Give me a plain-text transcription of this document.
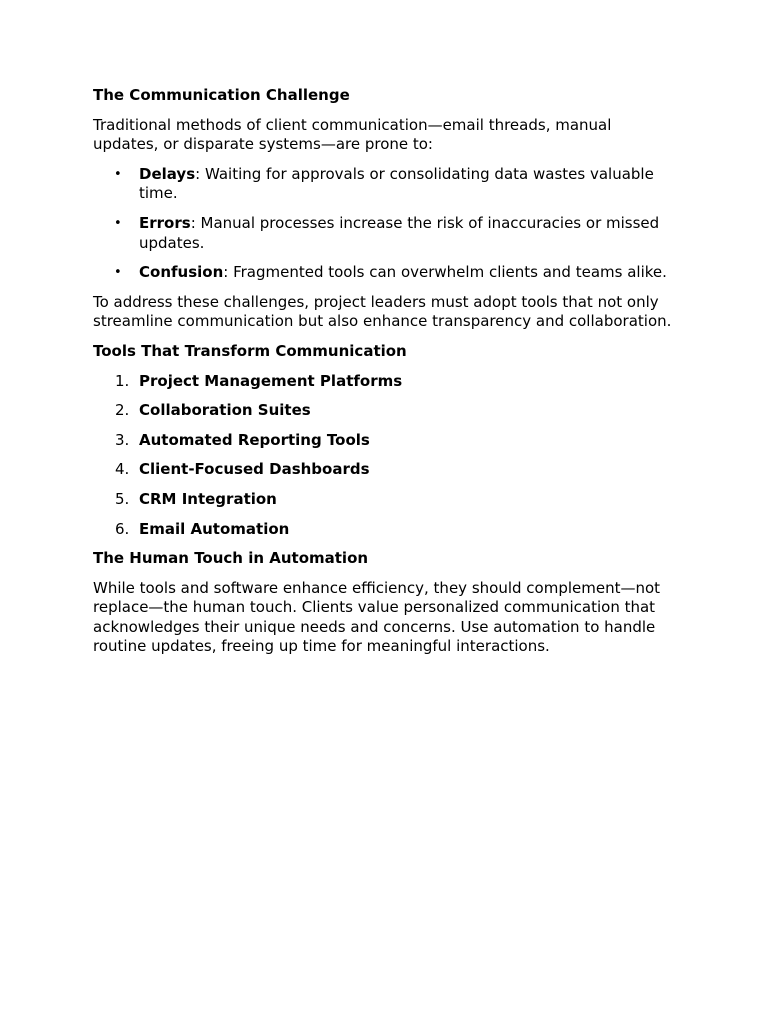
The Communication Challenge
Traditional methods of client communication—email threads, manual updates, or disparate systems—are prone to:
• Delays: Waiting for approvals or consolidating data wastes valuable time.
• Errors: Manual processes increase the risk of inaccuracies or missed updates.
• Confusion: Fragmented tools can overwhelm clients and teams alike.
To address these challenges, project leaders must adopt tools that not only streamline communication but also enhance transparency and collaboration.
Tools That Transform Communication
1. Project Management Platforms
2. Collaboration Suites
3. Automated Reporting Tools
4. Client-Focused Dashboards
5. CRM Integration
6. Email Automation
The Human Touch in Automation
While tools and software enhance efficiency, they should complement—not replace—the human touch. Clients value personalized communication that acknowledges their unique needs and concerns. Use automation to handle routine updates, freeing up time for meaningful interactions.
